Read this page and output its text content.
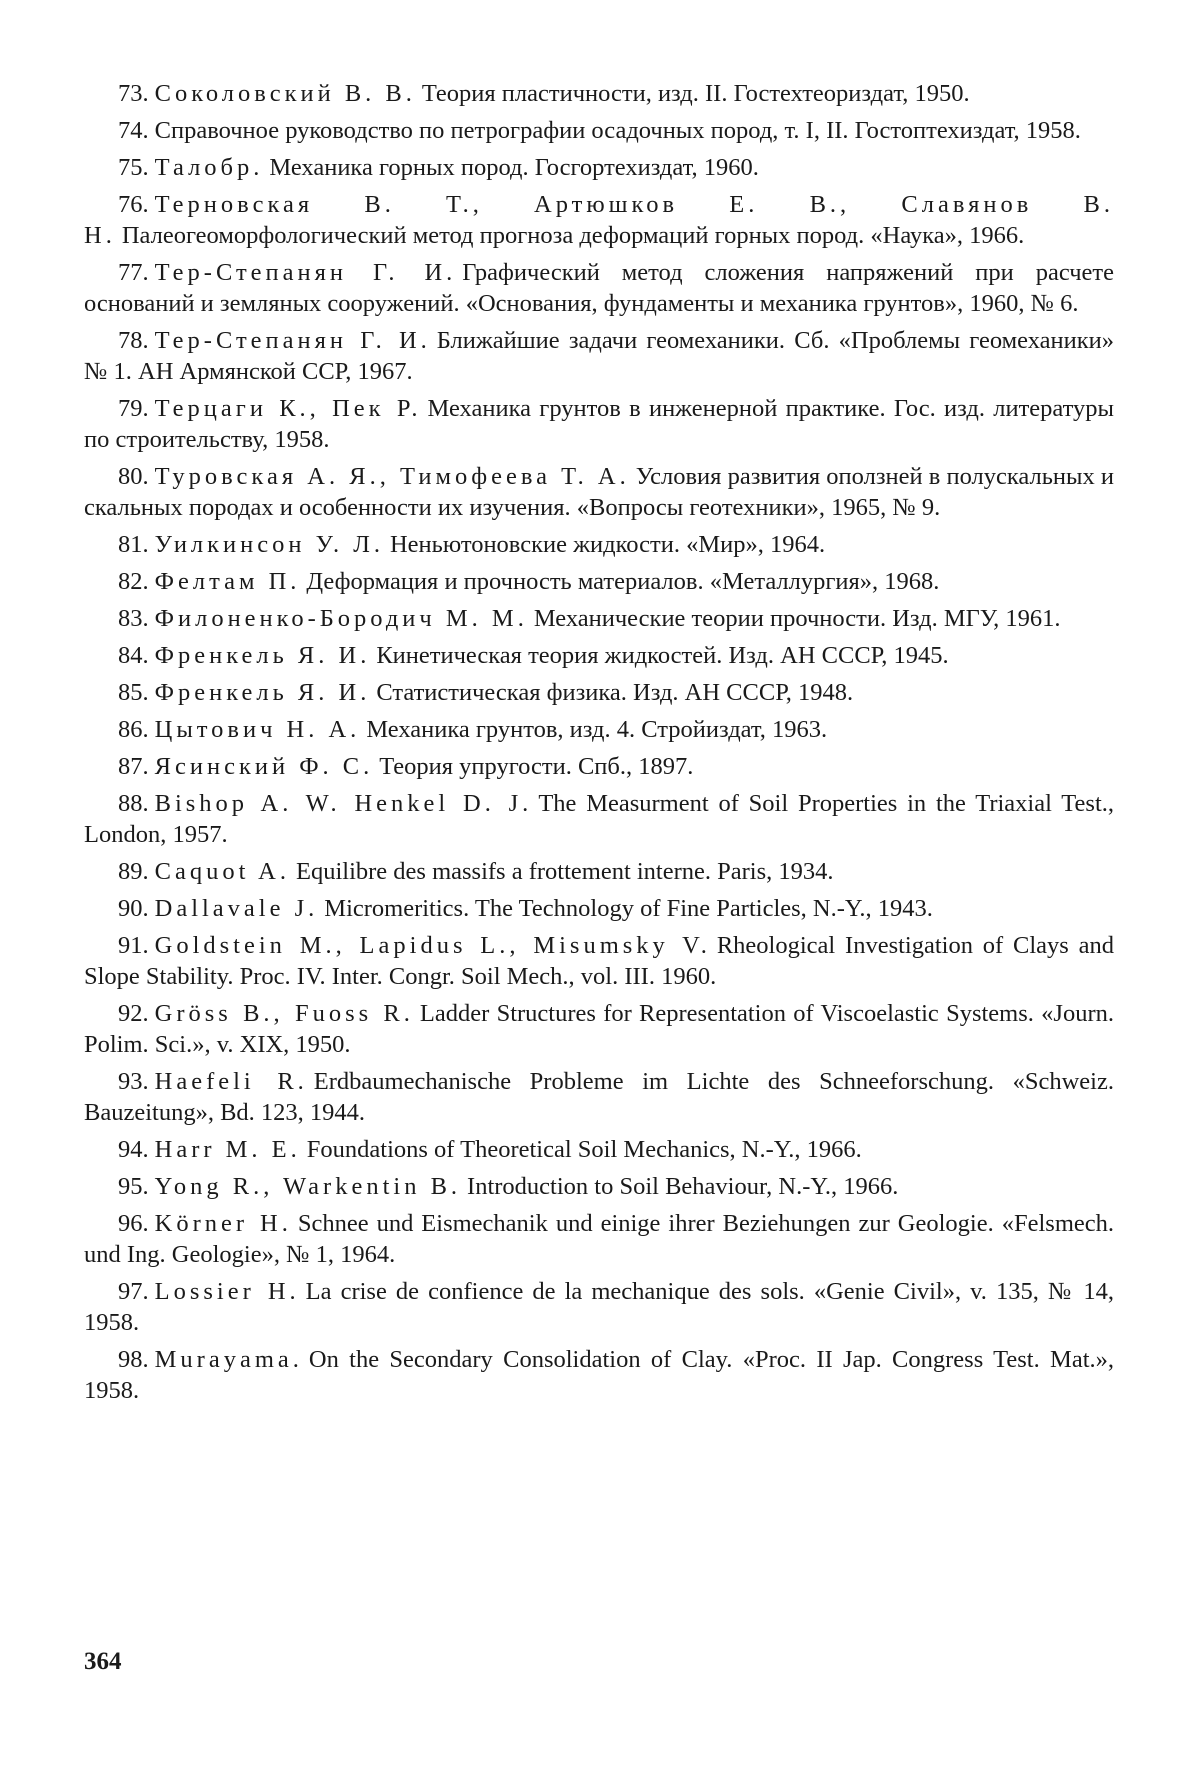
73. Соколовский В. В. Теория пластичности, изд. II. Гостехтеориздат, 1950.

74. Справочное руководство по петрографии осадочных пород, т. I, II. Гостоптехиздат, 1958.

75. Талобр. Механика горных пород. Госгортехиздат, 1960.

76. Терновская В. Т., Артюшков Е. В., Славянов В. Н. Палеогеоморфологический метод прогноза деформаций горных пород. «Наука», 1966.

77. Тер-Степанян Г. И. Графический метод сложения напряжений при расчете оснований и земляных сооружений. «Основания, фундаменты и механика грунтов», 1960, № 6.

78. Тер-Степанян Г. И. Ближайшие задачи геомеханики. Сб. «Проблемы геомеханики» № 1. АН Армянской ССР, 1967.

79. Терцаги К., Пек Р. Механика грунтов в инженерной практике. Гос. изд. литературы по строительству, 1958.

80. Туровская А. Я., Тимофеева Т. А. Условия развития оползней в полускальных и скальных породах и особенности их изучения. «Вопросы геотехники», 1965, № 9.

81. Уилкинсон У. Л. Неньютоновские жидкости. «Мир», 1964.

82. Фелтам П. Деформация и прочность материалов. «Металлургия», 1968.

83. Филоненко-Бородич М. М. Механические теории прочности. Изд. МГУ, 1961.

84. Френкель Я. И. Кинетическая теория жидкостей. Изд. АН СССР, 1945.

85. Френкель Я. И. Статистическая физика. Изд. АН СССР, 1948.

86. Цытович Н. А. Механика грунтов, изд. 4. Стройиздат, 1963.

87. Ясинский Ф. С. Теория упругости. Спб., 1897.

88. Bishop A. W. Henkel D. J. The Measurment of Soil Properties in the Triaxial Test., London, 1957.

89. Caquot A. Equilibre des massifs a frottement interne. Paris, 1934.

90. Dallavale J. Micromeritics. The Technology of Fine Particles, N.-Y., 1943.

91. Goldstein M., Lapidus L., Misumsky V. Rheological Investigation of Clays and Slope Stability. Proc. IV. Inter. Congr. Soil Mech., vol. III. 1960.

92. Gröss B., Fuoss R. Ladder Structures for Representation of Viscoelastic Systems. «Journ. Polim. Sci.», v. XIX, 1950.

93. Haefeli R. Erdbaumechanische Probleme im Lichte des Schneeforschung. «Schweiz. Bauzeitung», Bd. 123, 1944.

94. Harr M. E. Foundations of Theoretical Soil Mechanics, N.-Y., 1966.

95. Yong R., Warkentin B. Introduction to Soil Behaviour, N.-Y., 1966.

96. Körner H. Schnee und Eismechanik und einige ihrer Beziehungen zur Geologie. «Felsmech. und Ing. Geologie», № 1, 1964.

97. Lossier H. La crise de confience de la mechanique des sols. «Genie Civil», v. 135, № 14, 1958.

98. Murayama. On the Secondary Consolidation of Clay. «Proc. II Jap. Congress Test. Mat.», 1958.

364
